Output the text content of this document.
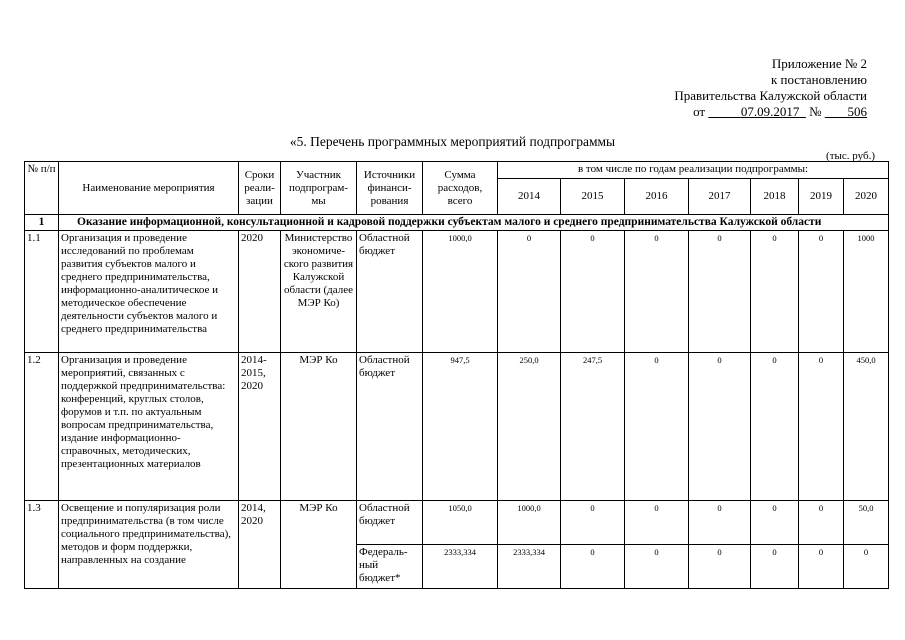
Приложение № 2
к постановлению
Правительства Калужской области
от	07.09.2017 № 506
«5. Перечень программных мероприятий подпрограммы
(тыс. руб.)
№ п/п	Наименование мероприятия	Сроки реали-зации	Участник подпрограм-мы	Источники финанси-рования	Сумма расходов, всего	в том числе по годам реализации подпрограммы:						
						2014	2015	2016	2017	2018	2019	2020
1	Оказание информационной, консультационной и кадровой поддержки субъектам малого и среднего предпринимательства Калужской области											
1.1	Организация и проведение исследований по проблемам развития субъектов малого и среднего предпринимательства, информационно-аналитическое и методическое обеспечение деятельности субъектов малого и среднего предпринимательства	2020	Министерство экономиче-ского развития Калужской области (далее МЭР Ко)	Областной бюджет	1000,0	0	0	0	0	0	0	1000
1.2	Организация и проведение мероприятий, связанных с поддержкой предпринимательства: конференций, круглых столов, форумов и т.п. по актуальным вопросам предпринимательства, издание информационно-справочных, методических, презентационных материалов	2014-2015, 2020	МЭР Ко	Областной бюджет	947,5	250,0	247,5	0	0	0	0	450,0
1.3	Освещение и популяризация роли предпринимательства (в том числе социального предпринимательства), методов и форм поддержки, направленных на создание	2014, 2020	МЭР Ко	Областной бюджет	1050,0	1000,0	0	0	0	0	0	50,0
				Федераль-ный бюджет*	2333,334	2333,334	0	0	0	0	0	0
